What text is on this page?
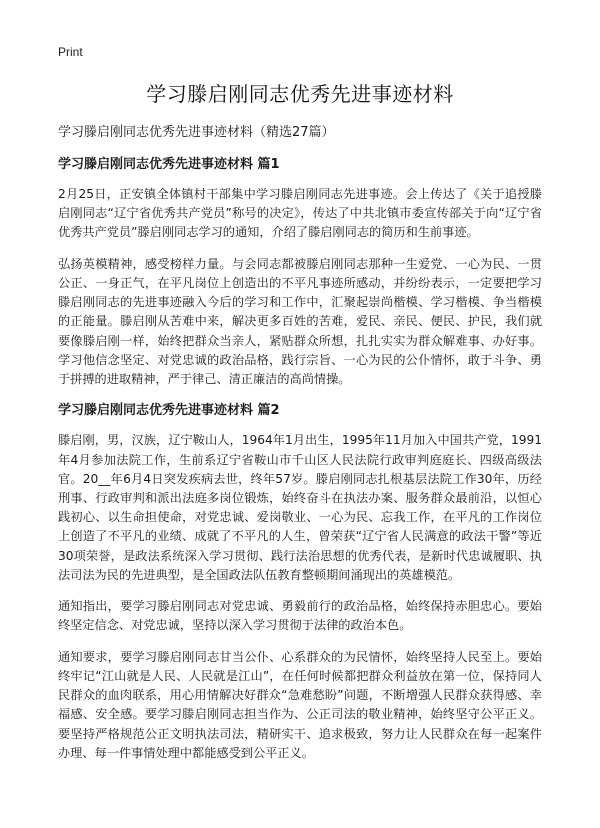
Print
学习滕启刚同志优秀先进事迹材料
学习滕启刚同志优秀先进事迹材料（精选27篇）
学习滕启刚同志优秀先进事迹材料 篇1

2月25日，正安镇全体镇村干部集中学习滕启刚同志先进事迹。会上传达了《关于追授滕启刚同志“辽宁省优秀共产党员”称号的决定》，传达了中共北镇市委宣传部关于向“辽宁省优秀共产党员”滕启刚同志学习的通知，介绍了滕启刚同志的简历和生前事迹。

弘扬英模精神，感受榜样力量。与会同志都被滕启刚同志那种一生爱党、一心为民、一贯公正、一身正气，在平凡岗位上创造出的不平凡事迹所感动，并纷纷表示，一定要把学习滕启刚同志的先进事迹融入今后的学习和工作中，汇聚起崇尚楷模、学习楷模、争当楷模的正能量。滕启刚从苦难中来，解决更多百姓的苦难，爱民、亲民、便民、护民，我们就要像滕启刚一样，始终把群众当亲人，紧贴群众所想，扎扎实实为群众解难事、办好事。学习他信念坚定、对党忠诚的政治品格，践行宗旨、一心为民的公仆情怀，敢于斗争、勇于拼搏的进取精神，严于律己、清正廉洁的高尚情操。

学习滕启刚同志优秀先进事迹材料 篇2

滕启刚，男，汉族，辽宁鞍山人，1964年1月出生，1995年11月加入中国共产党，1991年4月参加法院工作，生前系辽宁省鞍山市千山区人民法院行政审判庭庭长、四级高级法官。20__年6月4日突发疾病去世，终年57岁。滕启刚同志扎根基层法院工作30年，历经刑事、行政审判和派出法庭多岗位锻炼，始终奋斗在执法办案、服务群众最前沿，以恒心践初心、以生命担使命，对党忠诚、爱岗敬业、一心为民、忘我工作，在平凡的工作岗位上创造了不平凡的业绩、成就了不平凡的人生，曾荣获“辽宁省人民满意的政法干警”等近30项荣誉，是政法系统深入学习贯彻、践行法治思想的优秀代表，是新时代忠诚履职、执法司法为民的先进典型，是全国政法队伍教育整顿期间涌现出的英雄模范。

通知指出，要学习滕启刚同志对党忠诚、勇毅前行的政治品格，始终保持赤胆忠心。要始终坚定信念、对党忠诚，坚持以深入学习贯彻于法律的政治本色。

通知要求，要学习滕启刚同志甘当公仆、心系群众的为民情怀，始终坚持人民至上。要始终牢记“江山就是人民、人民就是江山”，在任何时候都把群众利益放在第一位，保持同人民群众的血肉联系，用心用情解决好群众“急难愁盼”问题，不断增强人民群众获得感、幸福感、安全感。要学习滕启刚同志担当作为、公正司法的敬业精神，始终坚守公平正义。要坚持严格规范公正文明执法司法，精研实干、追求极致，努力让人民群众在每一起案件办理、每一件事情处理中都能感受到公平正义。
